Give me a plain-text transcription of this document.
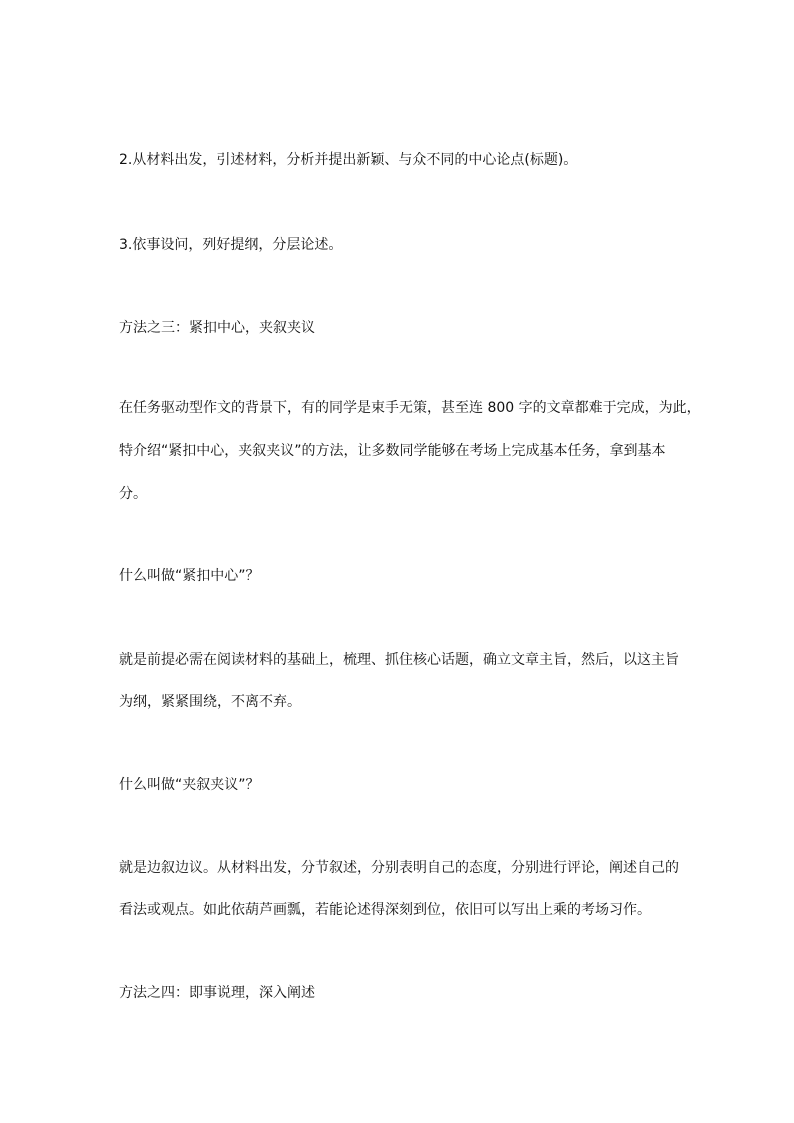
2.从材料出发，引述材料，分析并提出新颖、与众不同的中心论点(标题)。

3.依事设问，列好提纲，分层论述。

方法之三：紧扣中心，夹叙夹议

在任务驱动型作文的背景下，有的同学是束手无策，甚至连 800 字的文章都难于完成，为此，

特介绍“紧扣中心，夹叙夹议”的方法，让多数同学能够在考场上完成基本任务，拿到基本

分。

什么叫做“紧扣中心”？

就是前提必需在阅读材料的基础上，梳理、抓住核心话题，确立文章主旨，然后，以这主旨

为纲，紧紧围绕，不离不弃。

什么叫做“夹叙夹议”？

就是边叙边议。从材料出发，分节叙述，分别表明自己的态度，分别进行评论，阐述自己的

看法或观点。如此依葫芦画瓢，若能论述得深刻到位，依旧可以写出上乘的考场习作。

方法之四：即事说理，深入阐述
